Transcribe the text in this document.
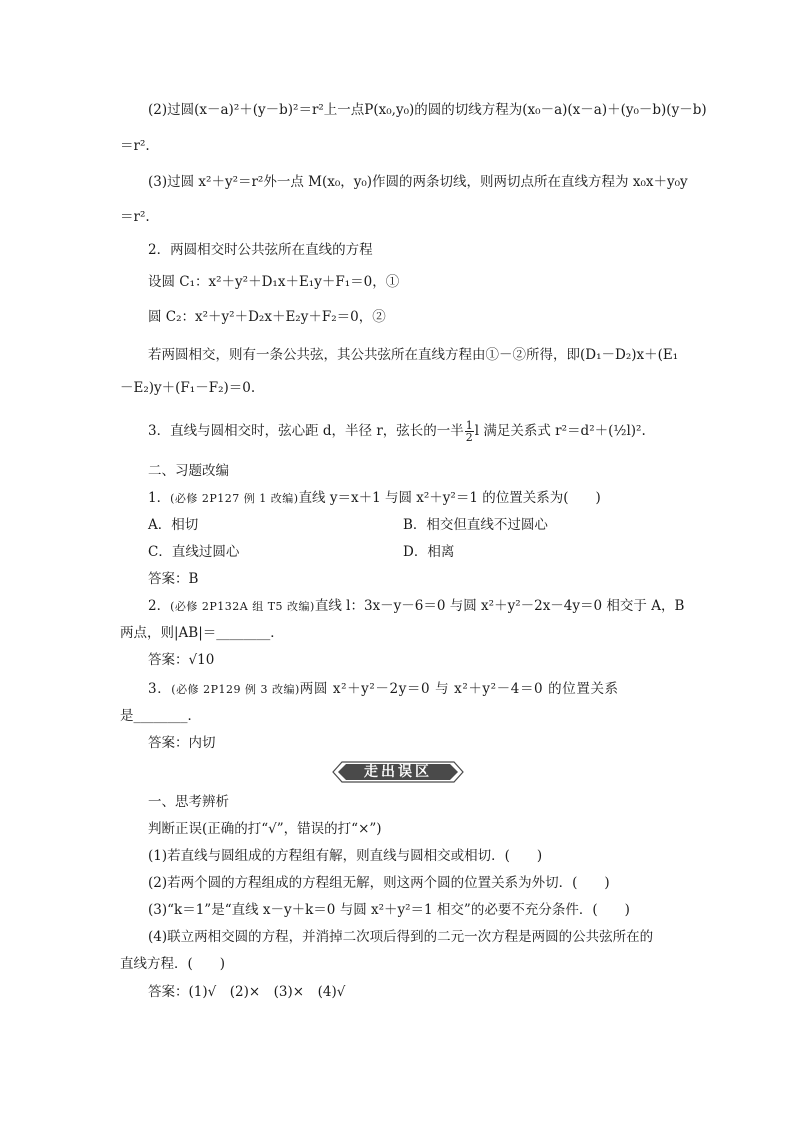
(2)过圆(x－a)²＋(y－b)²＝r²上一点P(x₀,y₀)的圆的切线方程为(x₀－a)(x－a)＋(y₀－b)(y－b)
＝r².
(3)过圆 x²＋y²＝r²外一点 M(x₀，y₀)作圆的两条切线，则两切点所在直线方程为 x₀x＋y₀y
＝r².
2．两圆相交时公共弦所在直线的方程
设圆 C₁：x²＋y²＋D₁x＋E₁y＋F₁＝0，①
圆 C₂：x²＋y²＋D₂x＋E₂y＋F₂＝0，②
若两圆相交，则有一条公共弦，其公共弦所在直线方程由①－②所得，即(D₁－D₂)x＋(E₁
－E₂)y＋(F₁－F₂)＝0.
3．直线与圆相交时，弦心距 d，半径 r，弦长的一半 $\frac{1}{2}$ l 满足关系式 r²＝d²＋(½l)².
二、习题改编
1．(必修 2P127 例 1 改编)直线 y＝x＋1 与圆 x²＋y²＝1 的位置关系为(　　)
A．相切	B．相交但直线不过圆心
C．直线过圆心	D．相离
答案：B
2．(必修 2P132A 组 T5 改编)直线 l：3x－y－6＝0 与圆 x²＋y²－2x－4y＝0 相交于 A，B
两点，则|AB|＝________．
答案：√10
3．(必修 2P129 例 3 改编)两圆 x²＋y²－2y＝0 与 x²＋y²－4＝0 的位置关系
是________．
答案：内切
走出误区
一、思考辨析
判断正误(正确的打“√”，错误的打“×”)
(1)若直线与圆组成的方程组有解，则直线与圆相交或相切．(　　)
(2)若两个圆的方程组成的方程组无解，则这两个圆的位置关系为外切．(　　)
(3)“k＝1”是“直线 x－y＋k＝0 与圆 x²＋y²＝1 相交”的必要不充分条件．(　　)
(4)联立两相交圆的方程，并消掉二次项后得到的二元一次方程是两圆的公共弦所在的
直线方程．(　　)
答案：(1)√　(2)×　(3)×　(4)√
